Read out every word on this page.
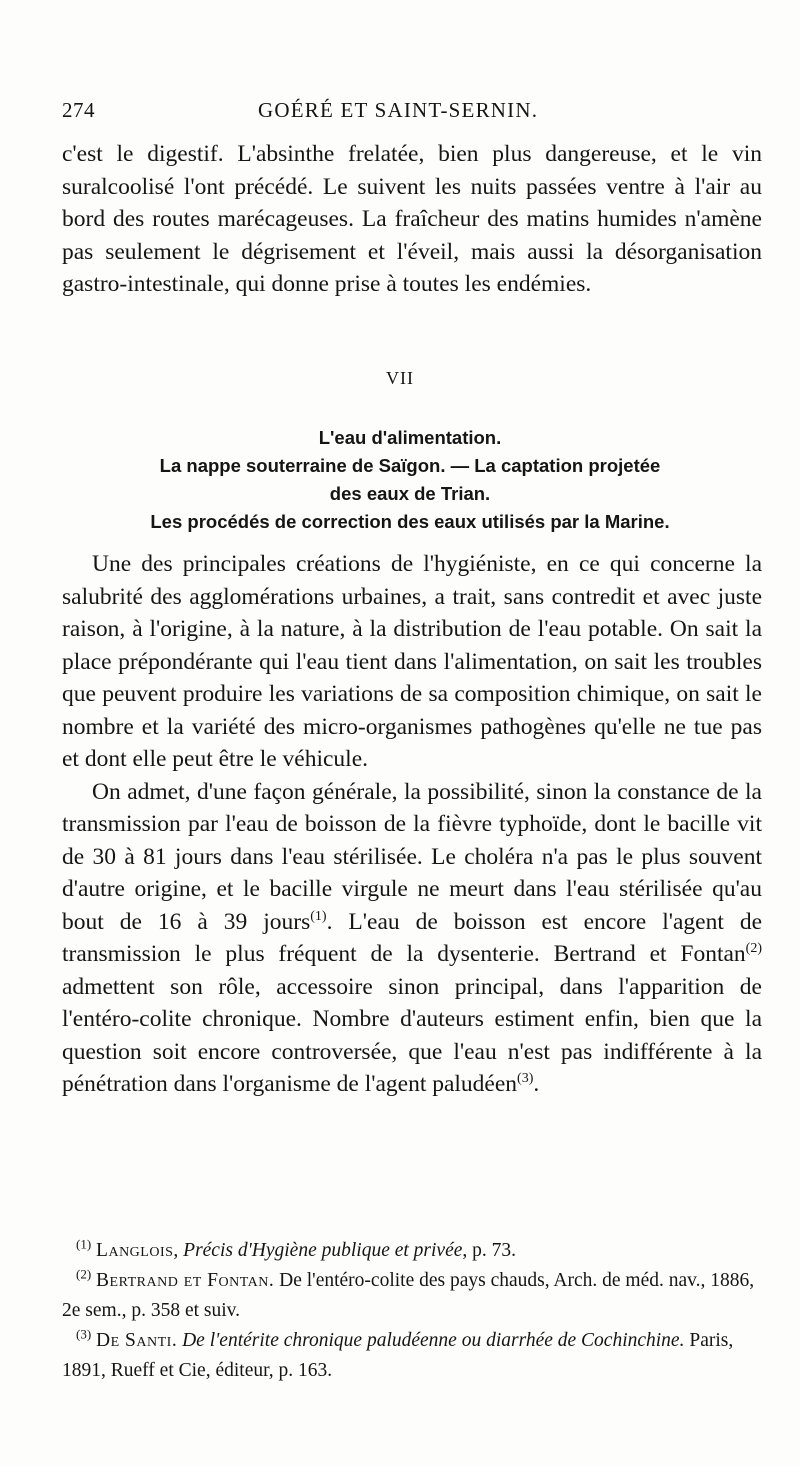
274	GOÉRÉ ET SAINT-SERNIN.
c'est le digestif. L'absinthe frelatée, bien plus dangereuse, et le vin suralcoolisé l'ont précédé. Le suivent les nuits passées ventre à l'air au bord des routes marécageuses. La fraîcheur des matins humides n'amène pas seulement le dégrisement et l'éveil, mais aussi la désorganisation gastro-intestinale, qui donne prise à toutes les endémies.
VII
L'eau d'alimentation.
La nappe souterraine de Saïgon. — La captation projetée
des eaux de Trian.
Les procédés de correction des eaux utilisés par la Marine.

Une des principales créations de l'hygiéniste, en ce qui concerne la salubrité des agglomérations urbaines, a trait, sans contredit et avec juste raison, à l'origine, à la nature, à la distribution de l'eau potable. On sait la place prépondérante qui l'eau tient dans l'alimentation, on sait les troubles que peuvent produire les variations de sa composition chimique, on sait le nombre et la variété des micro-organismes pathogènes qu'elle ne tue pas et dont elle peut être le véhicule.

On admet, d'une façon générale, la possibilité, sinon la constance de la transmission par l'eau de boisson de la fièvre typhoïde, dont le bacille vit de 30 à 81 jours dans l'eau stérilisée. Le choléra n'a pas le plus souvent d'autre origine, et le bacille virgule ne meurt dans l'eau stérilisée qu'au bout de 16 à 39 jours$^{(1)}$. L'eau de boisson est encore l'agent de transmission le plus fréquent de la dysenterie. Bertrand et Fontan$^{(2)}$ admettent son rôle, accessoire sinon principal, dans l'apparition de l'entéro-colite chronique. Nombre d'auteurs estiment enfin, bien que la question soit encore controversée, que l'eau n'est pas indifférente à la pénétration dans l'organisme de l'agent paludéen$^{(3)}$.

$^{(1)}$ Langlois, Précis d'Hygiène publique et privée, p. 73.

$^{(2)}$ Bertrand et Fontan. De l'entéro-colite des pays chauds, Arch. de méd. nav., 1886, 2e sem., p. 358 et suiv.

$^{(3)}$ De Santi. De l'entérite chronique paludéenne ou diarrhée de Cochinchine. Paris, 1891, Rueff et Cie, éditeur, p. 163.
